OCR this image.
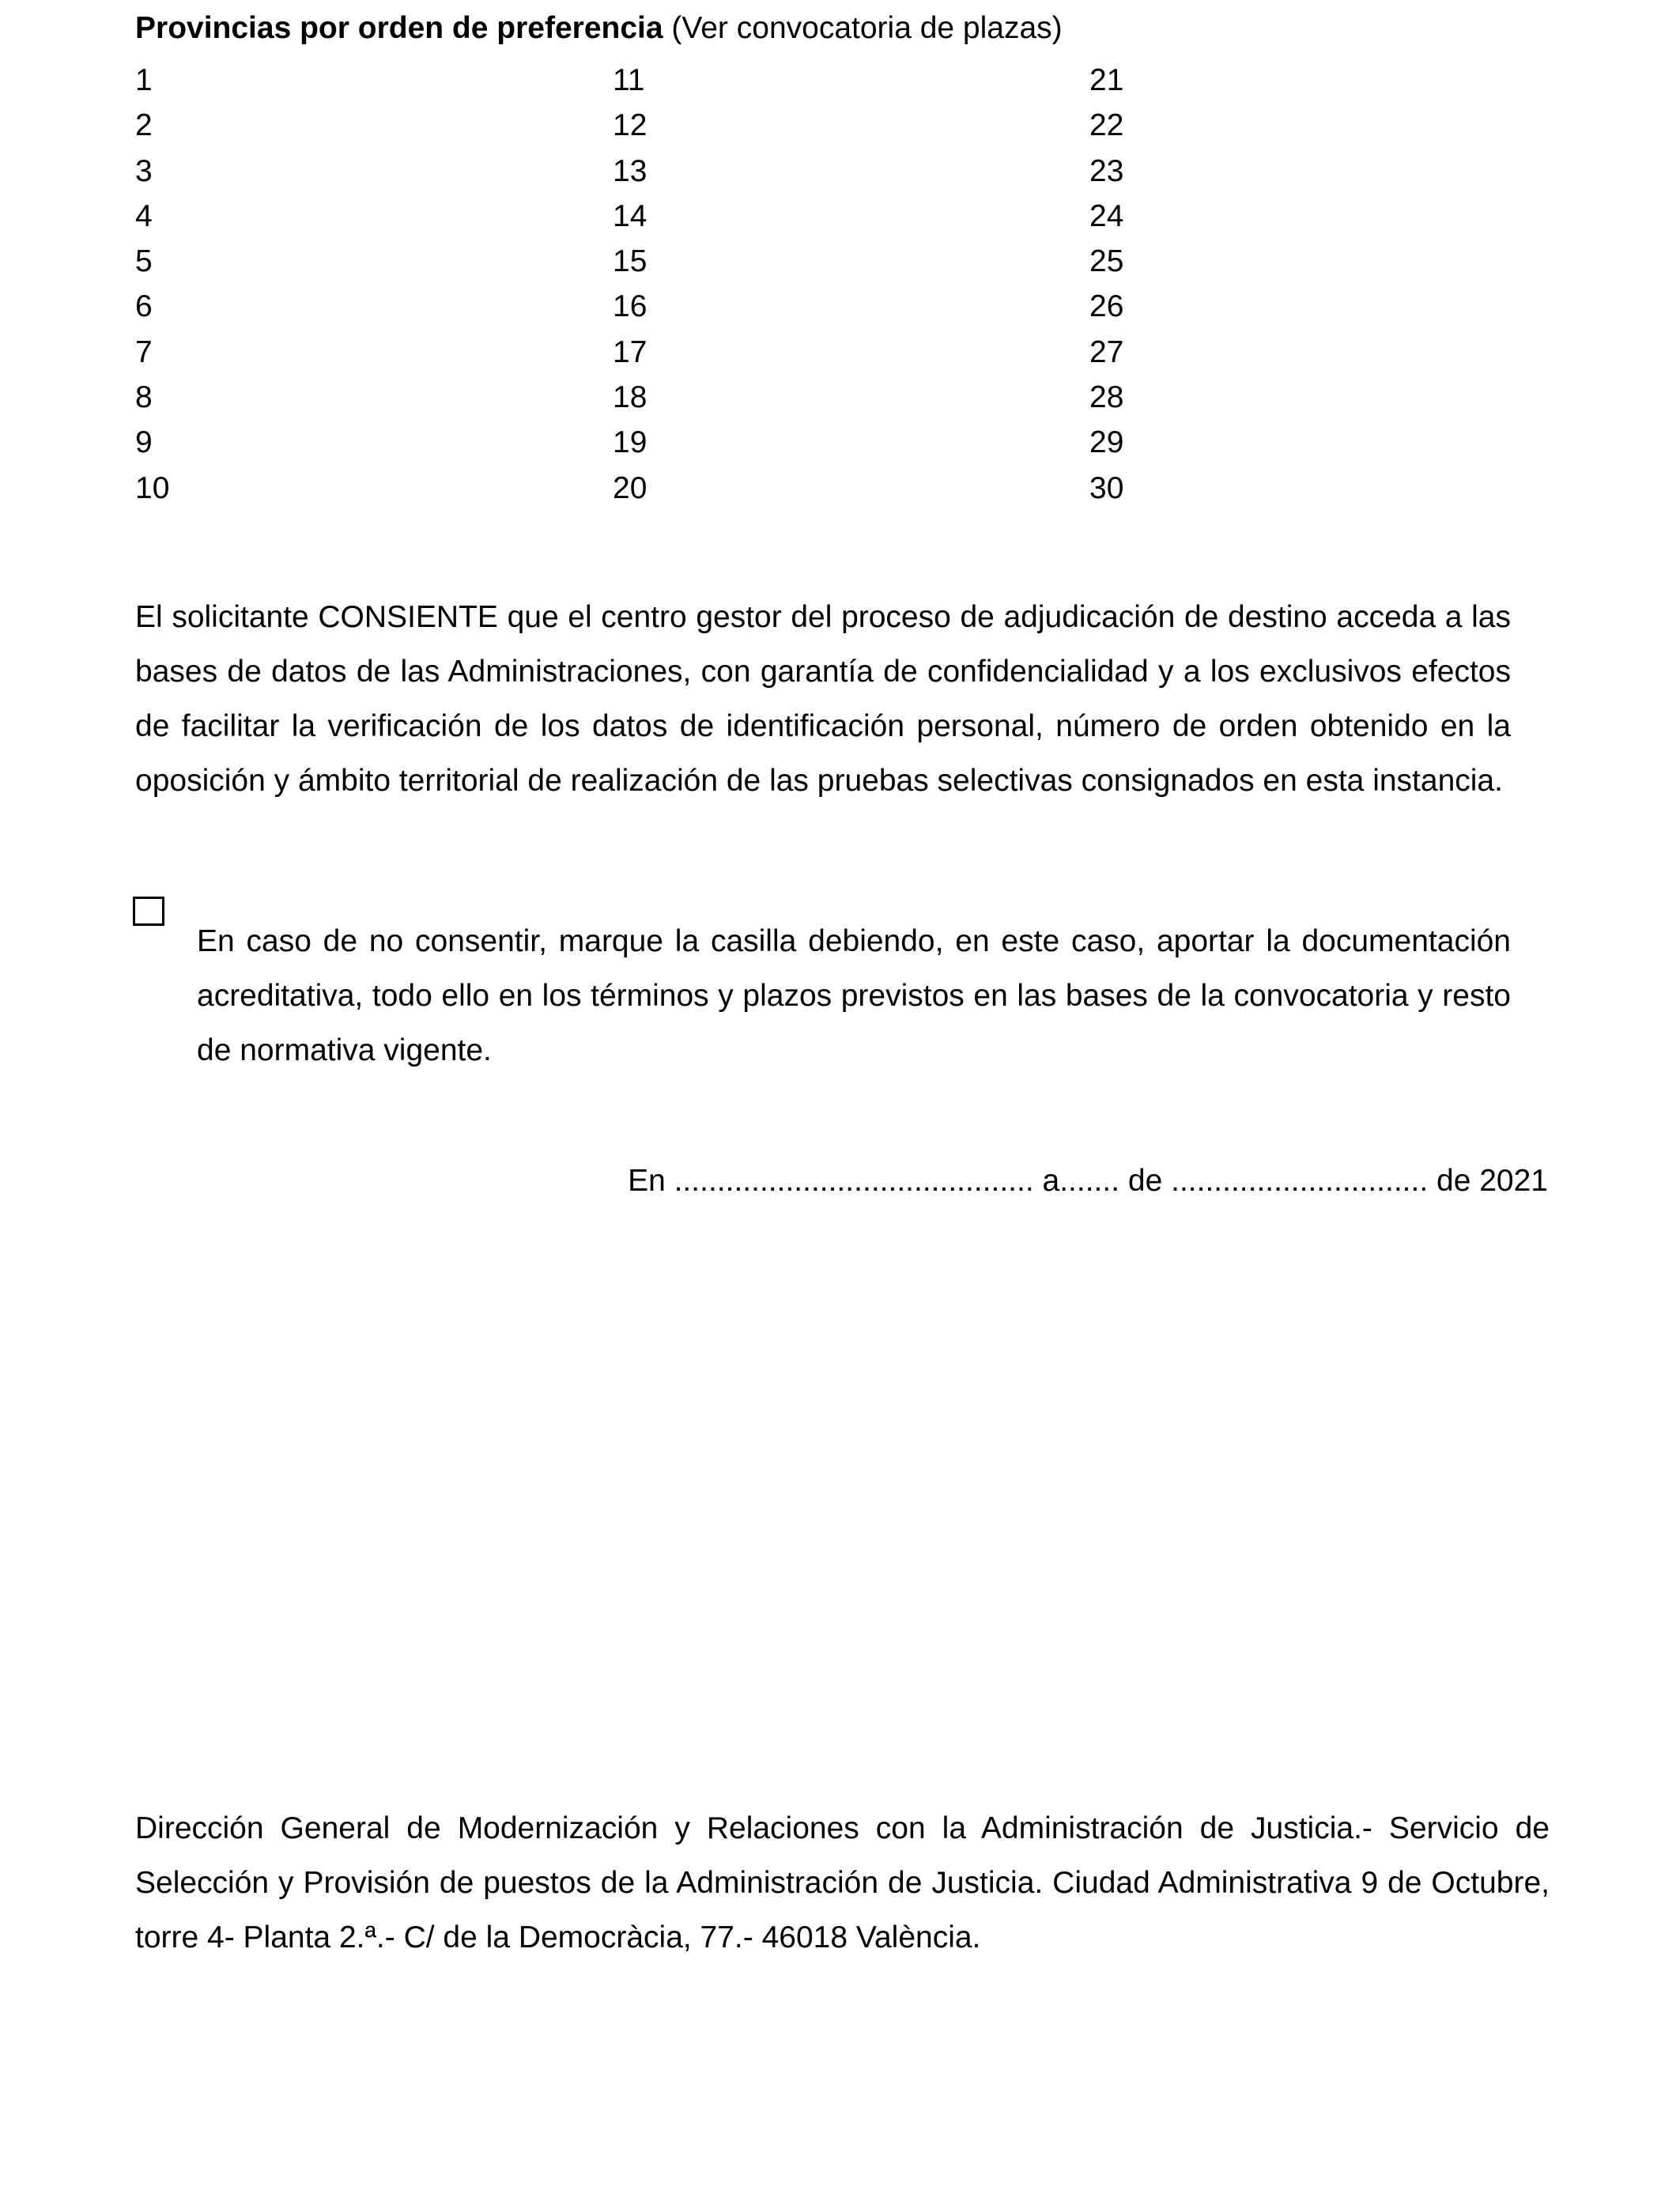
Provincias por orden de preferencia (Ver convocatoria de plazas)
1
2
3
4
5
6
7
8
9
10
11
12
13
14
15
16
17
18
19
20
21
22
23
24
25
26
27
28
29
30

El solicitante CONSIENTE que el centro gestor del proceso de adjudicación de destino acceda a las bases de datos de las Administraciones, con garantía de confidencialidad y a los exclusivos efectos de facilitar la verificación de los datos de identificación personal, número de orden obtenido en la oposición y ámbito territorial de realización de las pruebas selectivas consignados en esta instancia.

En caso de no consentir, marque la casilla debiendo, en este caso, aportar la documentación acreditativa, todo ello en los términos y plazos previstos en las bases de la convocatoria y resto de normativa vigente.

En .......................................... a....... de .............................. de 2021

Dirección General de Modernización y Relaciones con la Administración de Justicia.- Servicio de Selección y Provisión de puestos de la Administración de Justicia. Ciudad Administrativa 9 de Octubre, torre 4- Planta 2.ª.- C/ de la Democràcia, 77.- 46018 València.
